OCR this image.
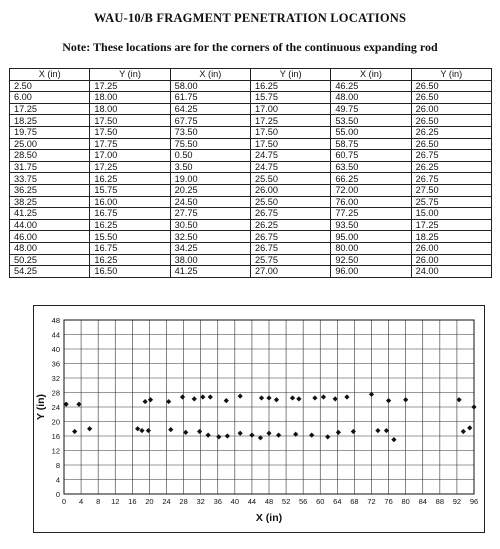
WAU-10/B FRAGMENT PENETRATION LOCATIONS
Note: These locations are for the corners of the continuous expanding rod
X (in)	Y (in)	X (in)	Y (in)	X (in)	Y (in)
2.50	17.25	58.00	16.25	46.25	26.50
6.00	18.00	61.75	15.75	48.00	26.50
17.25	18.00	64.25	17.00	49.75	26.00
18.25	17.50	67.75	17.25	53.50	26.50
19.75	17.50	73.50	17.50	55.00	26.25
25.00	17.75	75.50	17.50	58.75	26.50
28.50	17.00	0.50	24.75	60.75	26.75
31.75	17.25	3.50	24.75	63.50	26.25
33.75	16.25	19.00	25.50	66.25	26.75
36.25	15.75	20.25	26.00	72.00	27.50
38.25	16.00	24.50	25.50	76.00	25.75
41.25	16.75	27.75	26.75	77.25	15.00
44.00	16.25	30.50	26.25	93.50	17.25
46.00	15.50	32.50	26.75	95.00	18.25
48.00	16.75	34.25	26.75	80.00	26.00
50.25	16.25	38.00	25.75	92.50	26.00
54.25	16.50	41.25	27.00	96.00	24.00
0
4
8
12
16
20
24
28
32
36
40
44
48
0 4 8 12 16 20 24 28 32 36 40 44 48 52 56 60 64 68 72 76 80 84 88 92 96
X (in)
Y (in)
